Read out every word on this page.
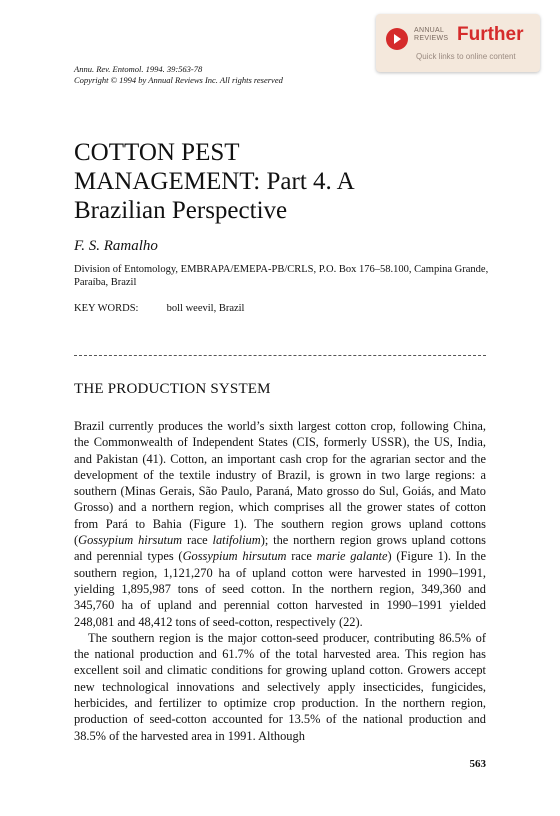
ANNUAL
REVIEWS Further
Quick links to online content
Annu. Rev. Entomol. 1994. 39:563-78
Copyright © 1994 by Annual Reviews Inc. All rights reserved
COTTON PEST
MANAGEMENT: Part 4. A
Brazilian Perspective
F. S. Ramalho
Division of Entomology, EMBRAPA/EMEPA-PB/CRLS, P.O. Box 176–58.100, Campina Grande, Paraíba, Brazil
KEY WORDS:	boll weevil, Brazil
THE PRODUCTION SYSTEM

Brazil currently produces the world’s sixth largest cotton crop, following China, the Commonwealth of Independent States (CIS, formerly USSR), the US, India, and Pakistan (41). Cotton, an important cash crop for the agrarian sector and the development of the textile industry of Brazil, is grown in two large regions: a southern (Minas Gerais, São Paulo, Paraná, Mato grosso do Sul, Goiás, and Mato Grosso) and a northern region, which comprises all the grower states of cotton from Pará to Bahia (Figure 1). The southern region grows upland cottons (Gossypium hirsutum race latifolium); the northern region grows upland cottons and perennial types (Gossypium hirsutum race marie galante) (Figure 1). In the southern region, 1,121,270 ha of upland cotton were harvested in 1990–1991, yielding 1,895,987 tons of seed cotton. In the northern region, 349,360 and 345,760 ha of upland and perennial cotton harvested in 1990–1991 yielded 248,081 and 48,412 tons of seed-cotton, respectively (22).

The southern region is the major cotton-seed producer, contributing 86.5% of the national production and 61.7% of the total harvested area. This region has excellent soil and climatic conditions for growing upland cotton. Growers accept new technological innovations and selectively apply insecticides, fungicides, herbicides, and fertilizer to optimize crop production. In the northern region, production of seed-cotton accounted for 13.5% of the national production and 38.5% of the harvested area in 1991. Although

563
